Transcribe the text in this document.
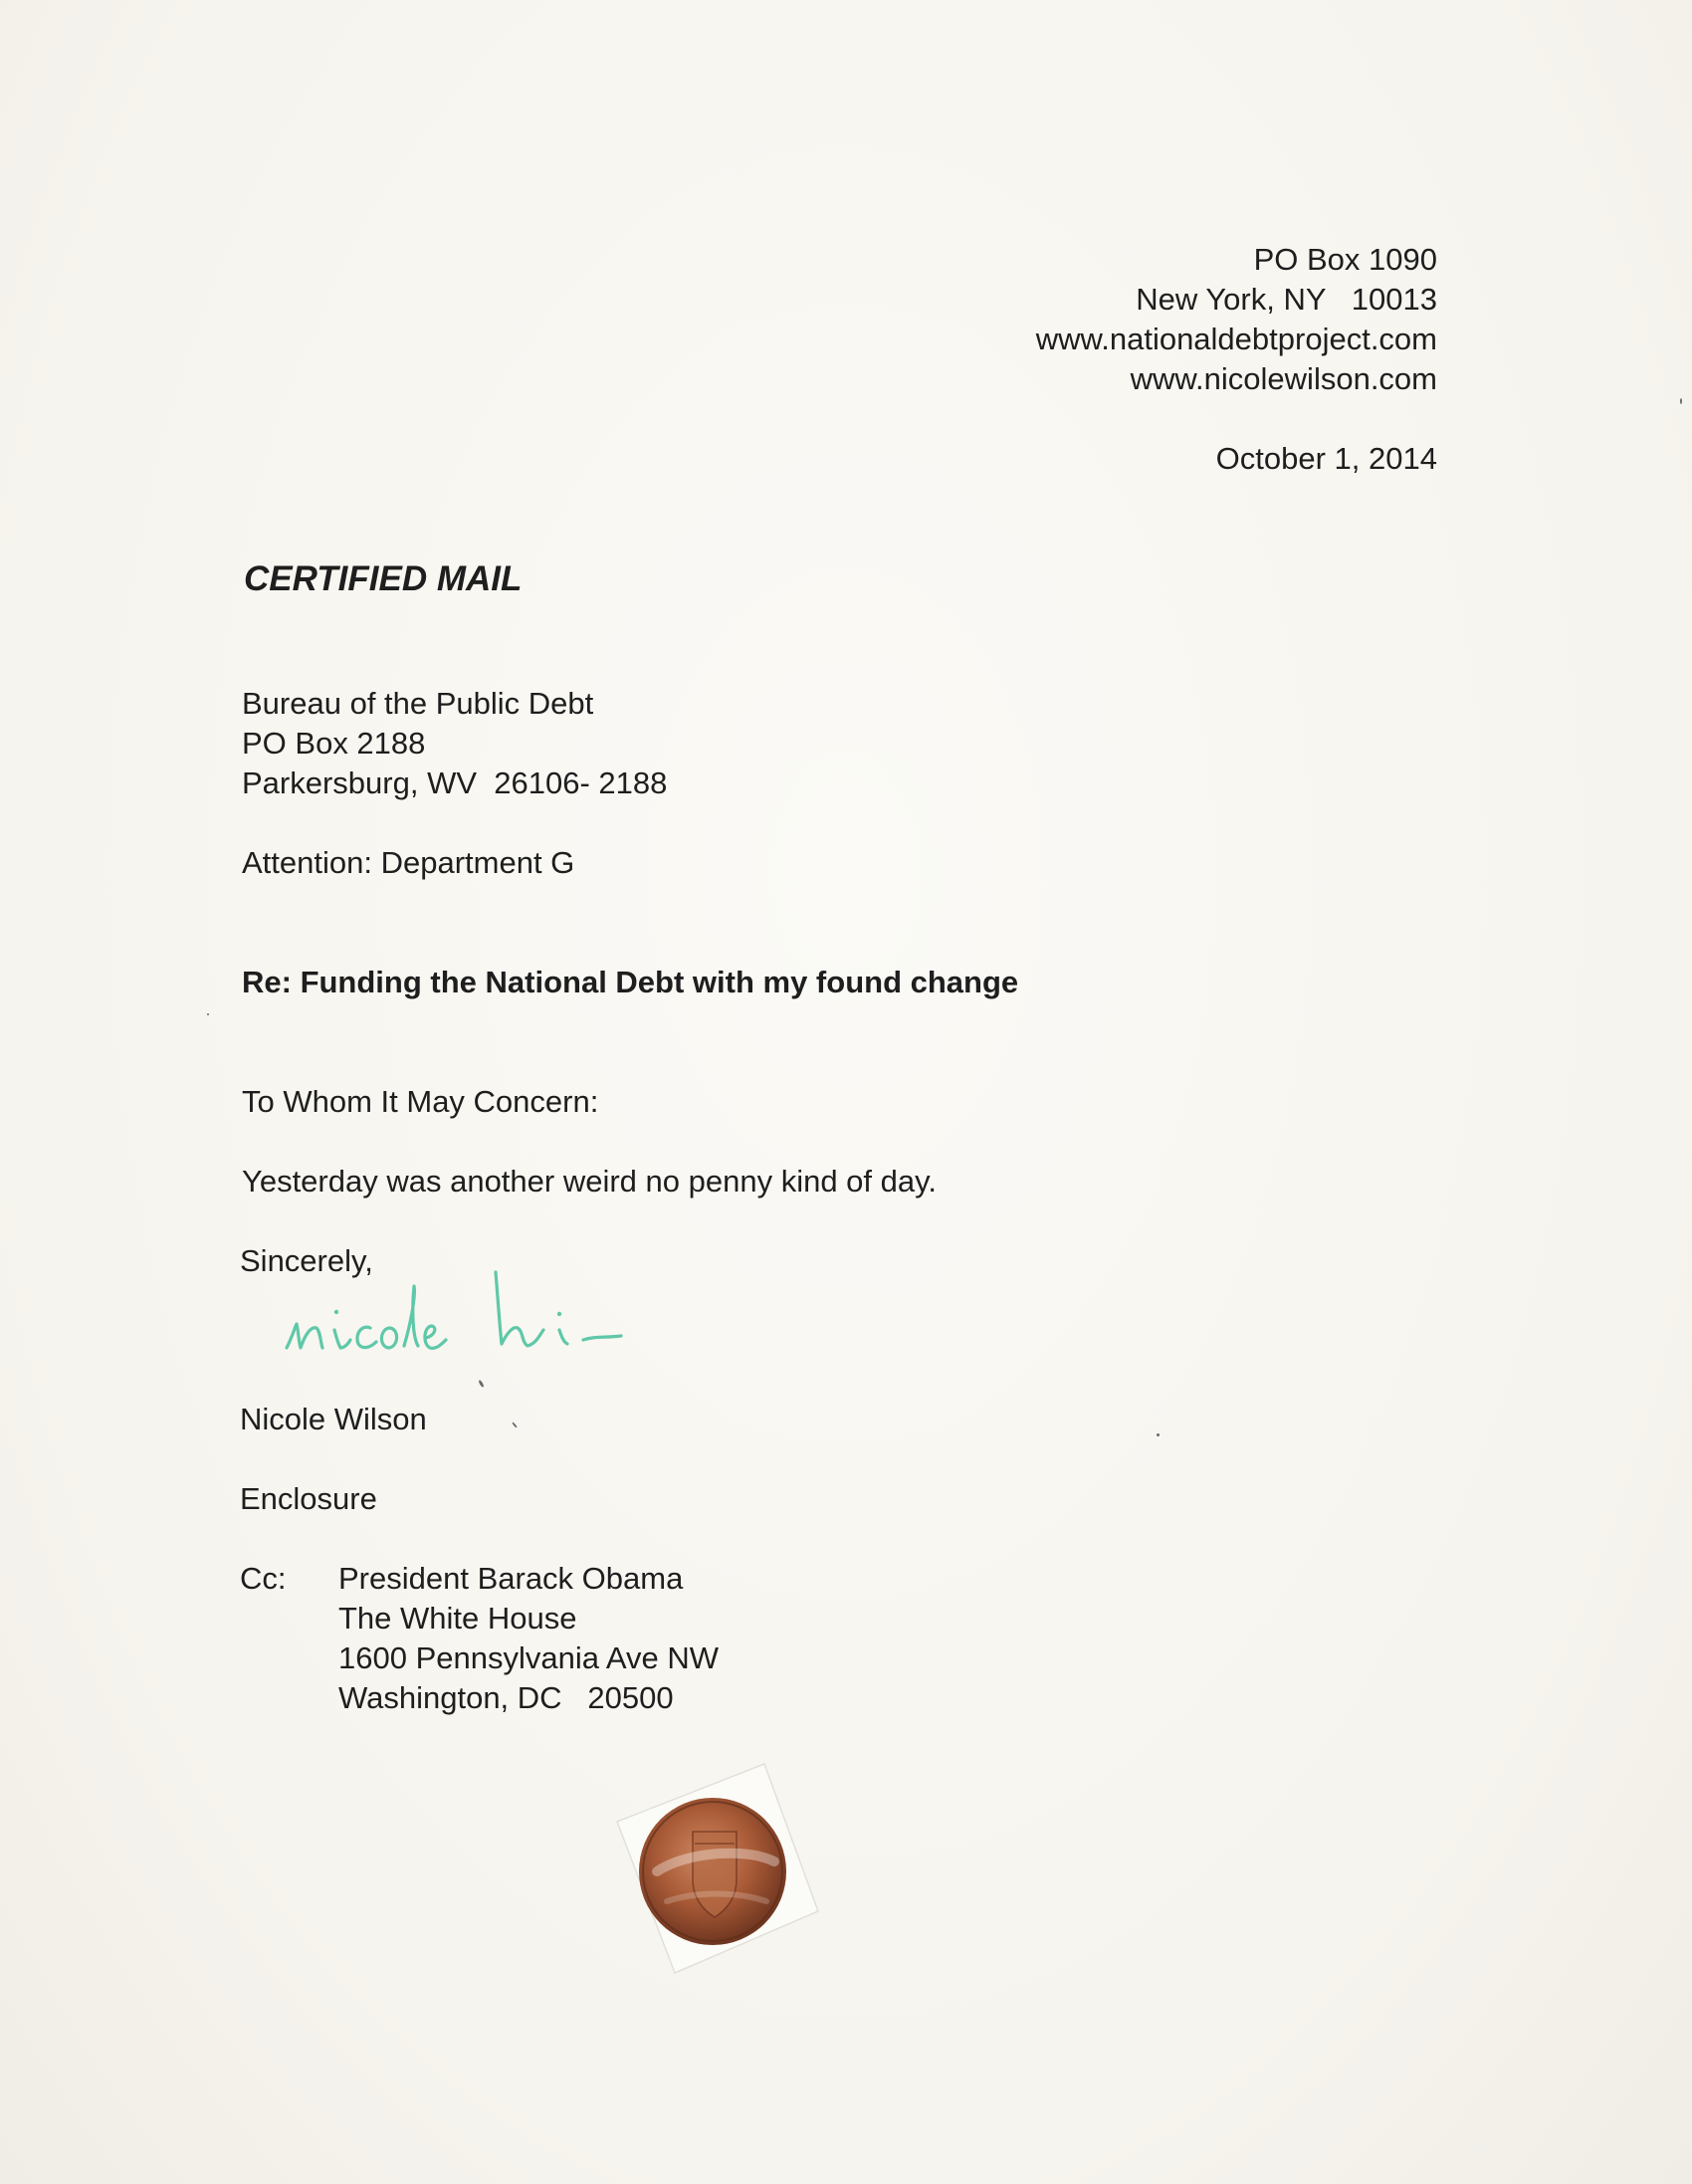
PO Box 1090
New York, NY   10013
www.nationaldebtproject.com
www.nicolewilson.com
October 1, 2014
CERTIFIED MAIL
Bureau of the Public Debt
PO Box 2188
Parkersburg, WV  26106- 2188
Attention: Department G
Re: Funding the National Debt with my found change
To Whom It May Concern:
Yesterday was another weird no penny kind of day.
Sincerely,
Nicole Wilson
Enclosure
Cc: President Barack Obama
The White House
1600 Pennsylvania Ave NW
Washington, DC   20500
